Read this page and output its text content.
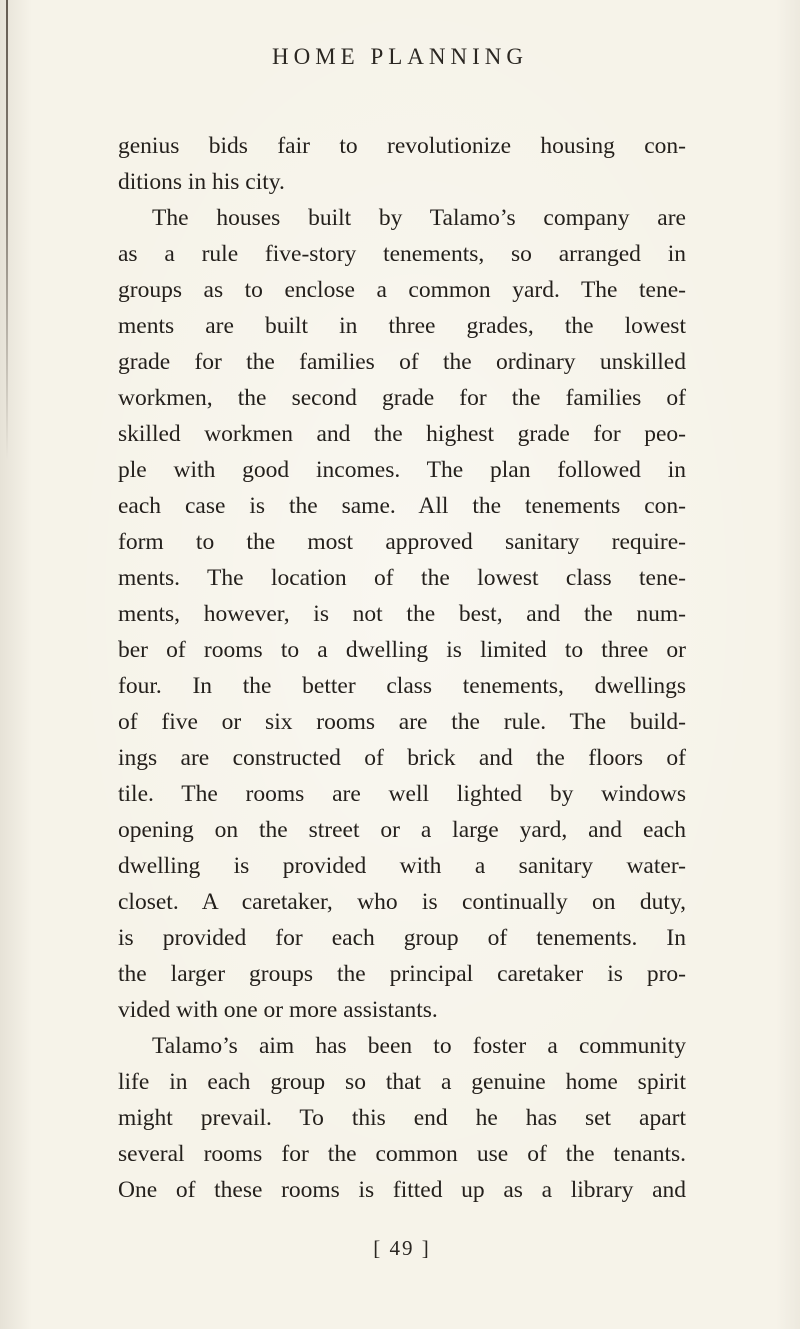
HOME PLANNING
genius bids fair to revolutionize housing con-
ditions in his city.
The houses built by Talamo’s company are
as a rule five-story tenements, so arranged in
groups as to enclose a common yard. The tene-
ments are built in three grades, the lowest
grade for the families of the ordinary unskilled
workmen, the second grade for the families of
skilled workmen and the highest grade for peo-
ple with good incomes. The plan followed in
each case is the same. All the tenements con-
form to the most approved sanitary require-
ments. The location of the lowest class tene-
ments, however, is not the best, and the num-
ber of rooms to a dwelling is limited to three or
four. In the better class tenements, dwellings
of five or six rooms are the rule. The build-
ings are constructed of brick and the floors of
tile. The rooms are well lighted by windows
opening on the street or a large yard, and each
dwelling is provided with a sanitary water-
closet. A caretaker, who is continually on duty,
is provided for each group of tenements. In
the larger groups the principal caretaker is pro-
vided with one or more assistants.
Talamo’s aim has been to foster a community
life in each group so that a genuine home spirit
might prevail. To this end he has set apart
several rooms for the common use of the tenants.
One of these rooms is fitted up as a library and
[ 49 ]
